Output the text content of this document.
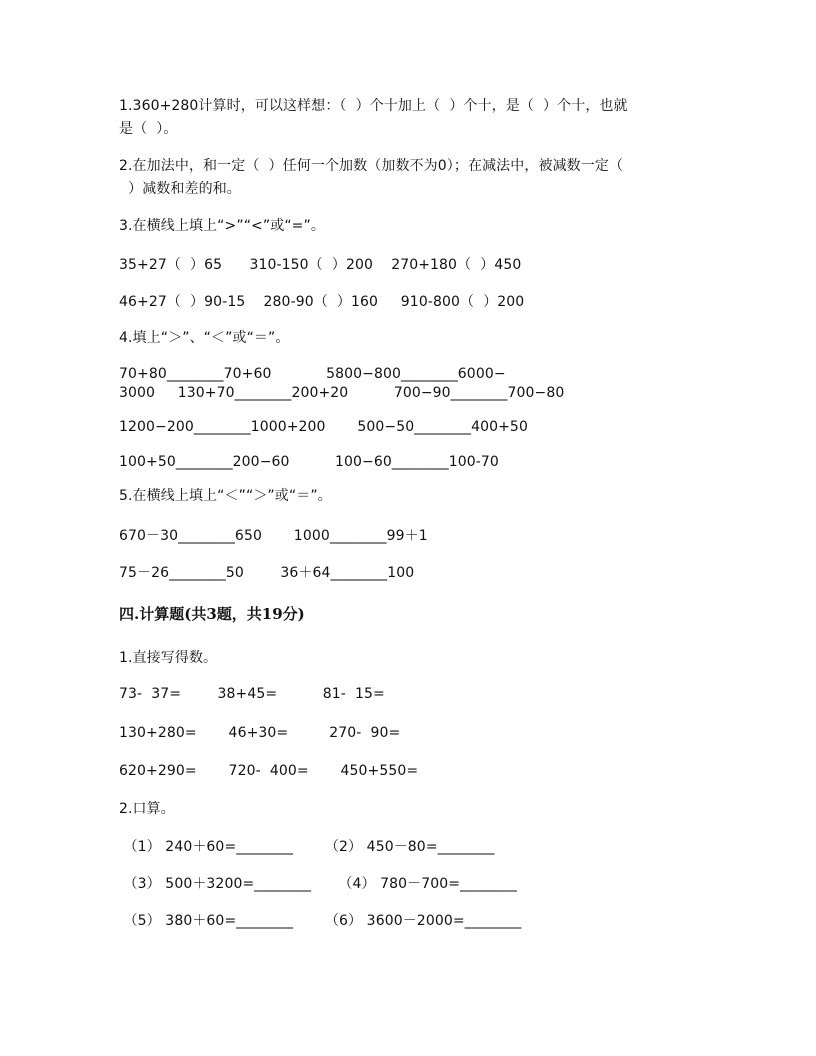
1.360+280计算时，可以这样想：（  ）个十加上（  ）个十，是（  ）个十，也就

是（  ）。

2.在加法中，和一定（  ）任何一个加数（加数不为0）；在减法中，被减数一定（

）减数和差的和。

3.在横线上填上“>”“<”或“=”。

35+27（  ）65      310-150（  ）200    270+180（  ）450

46+27（  ）90-15    280-90（  ）160     910-800（  ）200

4.填上“＞”、“＜”或“＝”。

70+80________70+60            5800−800________6000−

3000     130+70________200+20          700−90________700−80

1200−200________1000+200       500−50________400+50

100+50________200−60          100−60________100-70

5.在横线上填上“＜”“＞”或“＝”。

670－30________650       1000________99＋1

75－26________50        36＋64________100

四.计算题(共3题，共19分)

1.直接写得数。

73-  37=        38+45=          81-  15=

130+280=       46+30=         270-  90=

620+290=       720-  400=       450+550=

2.口算。

（1） 240＋60=________       （2） 450－80=________

（3） 500＋3200=________      （4） 780－700=________

（5） 380＋60=________       （6） 3600－2000=________
